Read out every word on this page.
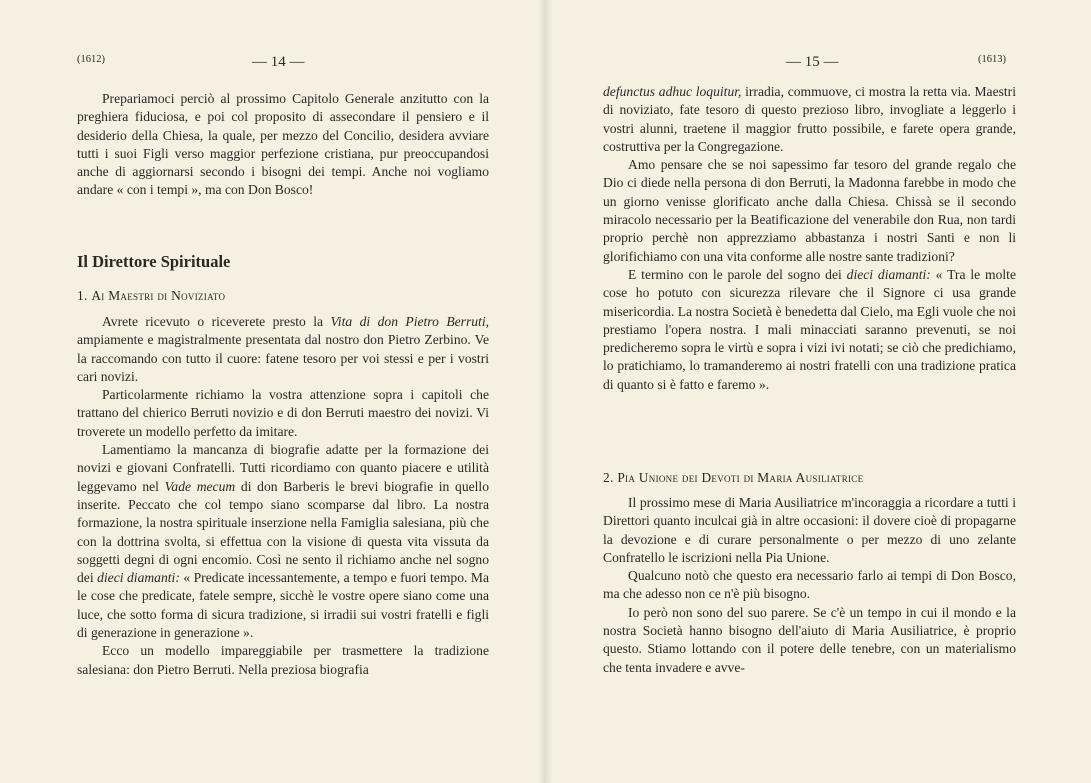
(1612)	— 14 —

Prepariamoci perciò al prossimo Capitolo Generale anzitutto con la preghiera fiduciosa, e poi col proposito di assecondare il pensiero e il desiderio della Chiesa, la quale, per mezzo del Concilio, desidera avviare tutti i suoi Figli verso maggior perfezione cristiana, pur preoccupandosi anche di aggiornarsi secondo i bisogni dei tempi. Anche noi vogliamo andare « con i tempi », ma con Don Bosco!

Il Direttore Spirituale
1. Ai Maestri di Noviziato

Avrete ricevuto o riceverete presto la Vita di don Pietro Berruti, ampiamente e magistralmente presentata dal nostro don Pietro Zerbino. Ve la raccomando con tutto il cuore: fatene tesoro per voi stessi e per i vostri cari novizi.

Particolarmente richiamo la vostra attenzione sopra i capitoli che trattano del chierico Berruti novizio e di don Berruti maestro dei novizi. Vi troverete un modello perfetto da imitare.

Lamentiamo la mancanza di biografie adatte per la formazione dei novizi e giovani Confratelli. Tutti ricordiamo con quanto piacere e utilità leggevamo nel Vade mecum di don Barberis le brevi biografie in quello inserite. Peccato che col tempo siano scomparse dal libro. La nostra formazione, la nostra spirituale inserzione nella Famiglia salesiana, più che con la dottrina svolta, si effettua con la visione di questa vita vissuta da soggetti degni di ogni encomio. Così ne sento il richiamo anche nel sogno dei dieci diamanti: « Predicate incessantemente, a tempo e fuori tempo. Ma le cose che predicate, fatele sempre, sicchè le vostre opere siano come una luce, che sotto forma di sicura tradizione, si irradii sui vostri fratelli e figli di generazione in generazione ».

Ecco un modello impareggiabile per trasmettere la tradizione salesiana: don Pietro Berruti. Nella preziosa biografia

— 15 —	(1613)

defunctus adhuc loquitur, irradia, commuove, ci mostra la retta via. Maestri di noviziato, fate tesoro di questo prezioso libro, invogliate a leggerlo i vostri alunni, traetene il maggior frutto possibile, e farete opera grande, costruttiva per la Congregazione.

Amo pensare che se noi sapessimo far tesoro del grande regalo che Dio ci diede nella persona di don Berruti, la Madonna farebbe in modo che un giorno venisse glorificato anche dalla Chiesa. Chissà se il secondo miracolo necessario per la Beatificazione del venerabile don Rua, non tardi proprio perchè non apprezziamo abbastanza i nostri Santi e non li glorifichiamo con una vita conforme alle nostre sante tradizioni?

E termino con le parole del sogno dei dieci diamanti: « Tra le molte cose ho potuto con sicurezza rilevare che il Signore ci usa grande misericordia. La nostra Società è benedetta dal Cielo, ma Egli vuole che noi prestiamo l'opera nostra. I mali minacciati saranno prevenuti, se noi predicheremo sopra le virtù e sopra i vizi ivi notati; se ciò che predichiamo, lo pratichiamo, lo tramanderemo ai nostri fratelli con una tradizione pratica di quanto si è fatto e faremo ».

2. Pia Unione dei Devoti di Maria Ausiliatrice

Il prossimo mese di Maria Ausiliatrice m'incoraggia a ricordare a tutti i Direttori quanto inculcai già in altre occasioni: il dovere cioè di propagarne la devozione e di curare personalmente o per mezzo di uno zelante Confratello le iscrizioni nella Pia Unione.

Qualcuno notò che questo era necessario farlo ai tempi di Don Bosco, ma che adesso non ce n'è più bisogno.

Io però non sono del suo parere. Se c'è un tempo in cui il mondo e la nostra Società hanno bisogno dell'aiuto di Maria Ausiliatrice, è proprio questo. Stiamo lottando con il potere delle tenebre, con un materialismo che tenta invadere e avve-
